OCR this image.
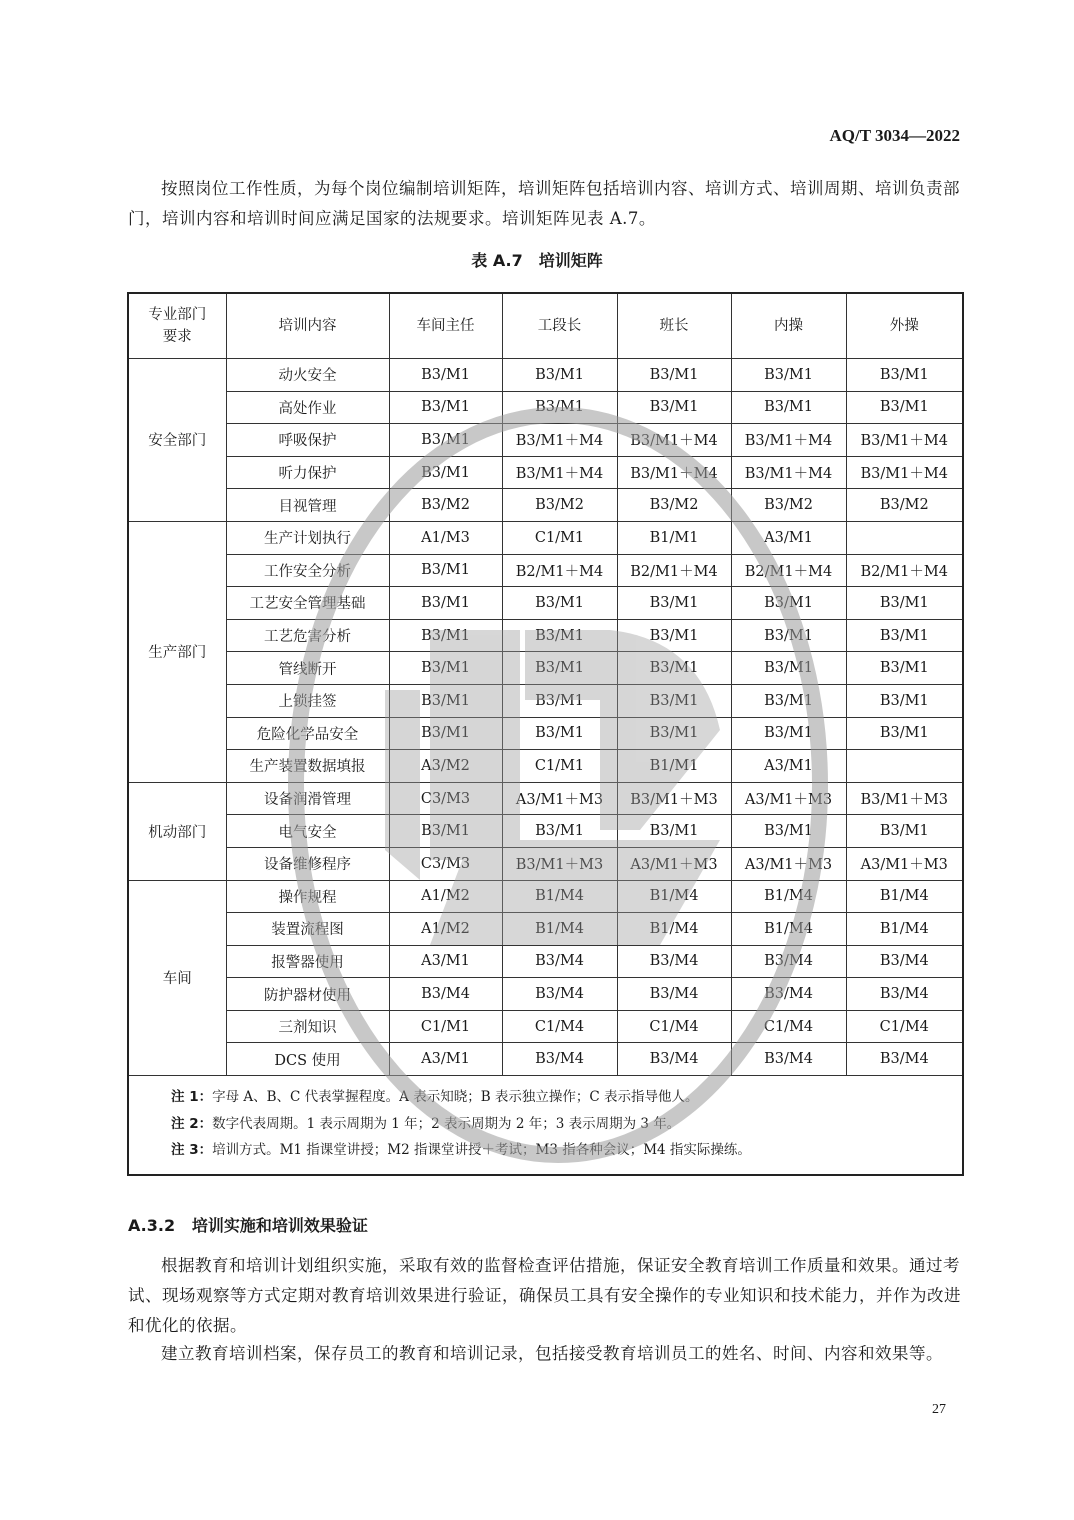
AQ/T 3034—2022

按照岗位工作性质，为每个岗位编制培训矩阵，培训矩阵包括培训内容、培训方式、培训周期、培训负责部门，培训内容和培训时间应满足国家的法规要求。培训矩阵见表 A.7。

表 A.7　培训矩阵
专业部门
要求	培训内容	车间主任	工段长	班长	内操	外操
安全部门	动火安全	B3/M1	B3/M1	B3/M1	B3/M1	B3/M1
	高处作业	B3/M1	B3/M1	B3/M1	B3/M1	B3/M1
	呼吸保护	B3/M1	B3/M1＋M4	B3/M1＋M4	B3/M1＋M4	B3/M1＋M4
	听力保护	B3/M1	B3/M1＋M4	B3/M1＋M4	B3/M1＋M4	B3/M1＋M4
	目视管理	B3/M2	B3/M2	B3/M2	B3/M2	B3/M2
生产部门	生产计划执行	A1/M3	C1/M1	B1/M1	A3/M1	
	工作安全分析	B3/M1	B2/M1＋M4	B2/M1＋M4	B2/M1＋M4	B2/M1＋M4
	工艺安全管理基础	B3/M1	B3/M1	B3/M1	B3/M1	B3/M1
	工艺危害分析	B3/M1	B3/M1	B3/M1	B3/M1	B3/M1
	管线断开	B3/M1	B3/M1	B3/M1	B3/M1	B3/M1
	上锁挂签	B3/M1	B3/M1	B3/M1	B3/M1	B3/M1
	危险化学品安全	B3/M1	B3/M1	B3/M1	B3/M1	B3/M1
	生产装置数据填报	A3/M2	C1/M1	B1/M1	A3/M1	
机动部门	设备润滑管理	C3/M3	A3/M1＋M3	B3/M1＋M3	A3/M1＋M3	B3/M1＋M3
	电气安全	B3/M1	B3/M1	B3/M1	B3/M1	B3/M1
	设备维修程序	C3/M3	B3/M1＋M3	A3/M1＋M3	A3/M1＋M3	A3/M1＋M3
车间	操作规程	A1/M2	B1/M4	B1/M4	B1/M4	B1/M4
	装置流程图	A1/M2	B1/M4	B1/M4	B1/M4	B1/M4
	报警器使用	A3/M1	B3/M4	B3/M4	B3/M4	B3/M4
	防护器材使用	B3/M4	B3/M4	B3/M4	B3/M4	B3/M4
	三剂知识	C1/M1	C1/M4	C1/M4	C1/M4	C1/M4
	DCS 使用	A3/M1	B3/M4	B3/M4	B3/M4	B3/M4

注 1：字母 A、B、C 代表掌握程度。A 表示知晓；B 表示独立操作；C 表示指导他人。
注 2：数字代表周期。1 表示周期为 1 年；2 表示周期为 2 年；3 表示周期为 3 年。
注 3：培训方式。M1 指课堂讲授；M2 指课堂讲授＋考试；M3 指各种会议；M4 指实际操练。						
A.3.2 培训实施和培训效果验证

根据教育和培训计划组织实施，采取有效的监督检查评估措施，保证安全教育培训工作质量和效果。通过考试、现场观察等方式定期对教育培训效果进行验证，确保员工具有安全操作的专业知识和技术能力，并作为改进和优化的依据。

建立教育培训档案，保存员工的教育和培训记录，包括接受教育培训员工的姓名、时间、内容和效果等。

27
